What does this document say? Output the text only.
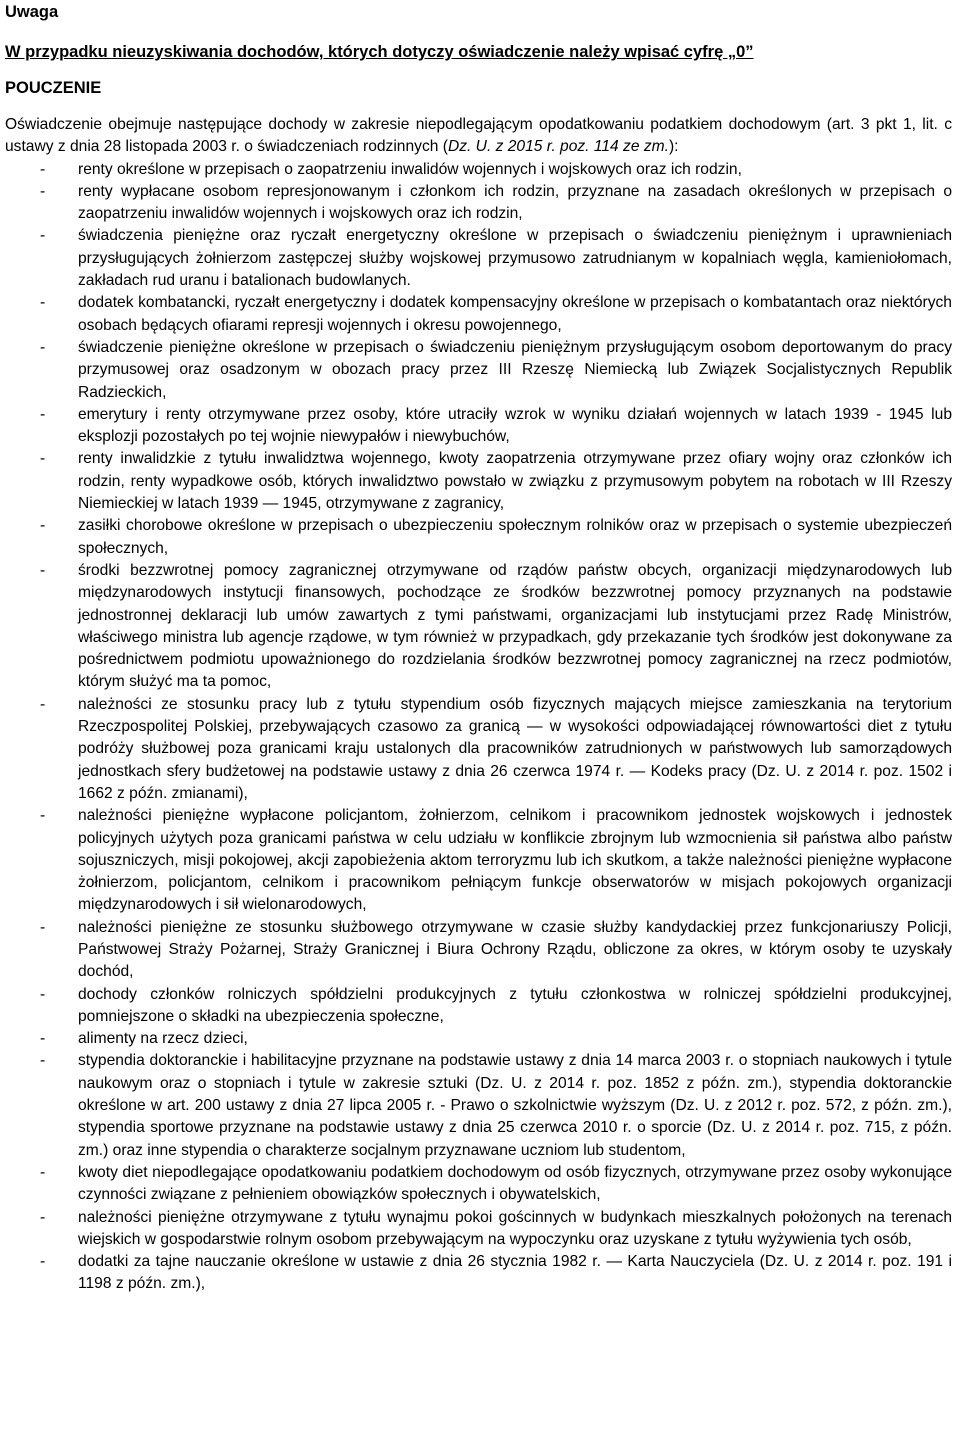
Uwaga

W przypadku nieuzyskiwania dochodów, których dotyczy oświadczenie należy wpisać cyfrę „0”

POUCZENIE

Oświadczenie obejmuje następujące dochody w zakresie niepodlegającym opodatkowaniu podatkiem dochodowym (art. 3 pkt 1, lit. c ustawy z dnia 28 listopada 2003 r. o świadczeniach rodzinnych (Dz. U. z 2015 r. poz. 114 ze zm.):

- renty określone w przepisach o zaopatrzeniu inwalidów wojennych i wojskowych oraz ich rodzin,
- renty wypłacane osobom represjonowanym i członkom ich rodzin, przyznane na zasadach określonych w przepisach o zaopatrzeniu inwalidów wojennych i wojskowych oraz ich rodzin,
- świadczenia pieniężne oraz ryczałt energetyczny określone w przepisach o świadczeniu pieniężnym i uprawnieniach przysługujących żołnierzom zastępczej służby wojskowej przymusowo zatrudnianym w kopalniach węgla, kamieniołomach, zakładach rud uranu i batalionach budowlanych.
- dodatek kombatancki, ryczałt energetyczny i dodatek kompensacyjny określone w przepisach o kombatantach oraz niektórych osobach będących ofiarami represji wojennych i okresu powojennego,
- świadczenie pieniężne określone w przepisach o świadczeniu pieniężnym przysługującym osobom deportowanym do pracy przymusowej oraz osadzonym w obozach pracy przez III Rzeszę Niemiecką lub Związek Socjalistycznych Republik Radzieckich,
- emerytury i renty otrzymywane przez osoby, które utraciły wzrok w wyniku działań wojennych w latach 1939 - 1945 lub eksplozji pozostałych po tej wojnie niewypałów i niewybuchów,
- renty inwalidzkie z tytułu inwalidztwa wojennego, kwoty zaopatrzenia otrzymywane przez ofiary wojny oraz członków ich rodzin, renty wypadkowe osób, których inwalidztwo powstało w związku z przymusowym pobytem na robotach w III Rzeszy Niemieckiej w latach 1939 — 1945, otrzymywane z zagranicy,
- zasiłki chorobowe określone w przepisach o ubezpieczeniu społecznym rolników oraz w przepisach o systemie ubezpieczeń społecznych,
- środki bezzwrotnej pomocy zagranicznej otrzymywane od rządów państw obcych, organizacji międzynarodowych lub międzynarodowych instytucji finansowych, pochodzące ze środków bezzwrotnej pomocy przyznanych na podstawie jednostronnej deklaracji lub umów zawartych z tymi państwami, organizacjami lub instytucjami przez Radę Ministrów, właściwego ministra lub agencje rządowe, w tym również w przypadkach, gdy przekazanie tych środków jest dokonywane za pośrednictwem podmiotu upoważnionego do rozdzielania środków bezzwrotnej pomocy zagranicznej na rzecz podmiotów, którym służyć ma ta pomoc,
- należności ze stosunku pracy lub z tytułu stypendium osób fizycznych mających miejsce zamieszkania na terytorium Rzeczpospolitej Polskiej, przebywających czasowo za granicą — w wysokości odpowiadającej równowartości diet z tytułu podróży służbowej poza granicami kraju ustalonych dla pracowników zatrudnionych w państwowych lub samorządowych jednostkach sfery budżetowej na podstawie ustawy z dnia 26 czerwca 1974 r. — Kodeks pracy (Dz. U. z 2014 r. poz. 1502 i 1662 z późn. zmianami),
- należności pieniężne wypłacone policjantom, żołnierzom, celnikom i pracownikom jednostek wojskowych i jednostek policyjnych użytych poza granicami państwa w celu udziału w konflikcie zbrojnym lub wzmocnienia sił państwa albo państw sojuszniczych, misji pokojowej, akcji zapobieżenia aktom terroryzmu lub ich skutkom, a także należności pieniężne wypłacone żołnierzom, policjantom, celnikom i pracownikom pełniącym funkcje obserwatorów w misjach pokojowych organizacji międzynarodowych i sił wielonarodowych,
- należności pieniężne ze stosunku służbowego otrzymywane w czasie służby kandydackiej przez funkcjonariuszy Policji, Państwowej Straży Pożarnej, Straży Granicznej i Biura Ochrony Rządu, obliczone za okres, w którym osoby te uzyskały dochód,
- dochody członków rolniczych spółdzielni produkcyjnych z tytułu członkostwa w rolniczej spółdzielni produkcyjnej, pomniejszone o składki na ubezpieczenia społeczne,
- alimenty na rzecz dzieci,
- stypendia doktoranckie i habilitacyjne przyznane na podstawie ustawy z dnia 14 marca 2003 r. o stopniach naukowych i tytule naukowym oraz o stopniach i tytule w zakresie sztuki (Dz. U. z 2014 r. poz. 1852 z późn. zm.), stypendia doktoranckie określone w art. 200 ustawy z dnia 27 lipca 2005 r. - Prawo o szkolnictwie wyższym (Dz. U. z 2012 r. poz. 572, z późn. zm.), stypendia sportowe przyznane na podstawie ustawy z dnia 25 czerwca 2010 r. o sporcie (Dz. U. z 2014 r. poz. 715, z późn. zm.) oraz inne stypendia o charakterze socjalnym przyznawane uczniom lub studentom,
- kwoty diet niepodlegające opodatkowaniu podatkiem dochodowym od osób fizycznych, otrzymywane przez osoby wykonujące czynności związane z pełnieniem obowiązków społecznych i obywatelskich,
- należności pieniężne otrzymywane z tytułu wynajmu pokoi gościnnych w budynkach mieszkalnych położonych na terenach wiejskich w gospodarstwie rolnym osobom przebywającym na wypoczynku oraz uzyskane z tytułu wyżywienia tych osób,
- dodatki za tajne nauczanie określone w ustawie z dnia 26 stycznia 1982 r. — Karta Nauczyciela (Dz. U. z 2014 r. poz. 191 i 1198 z późn. zm.),
